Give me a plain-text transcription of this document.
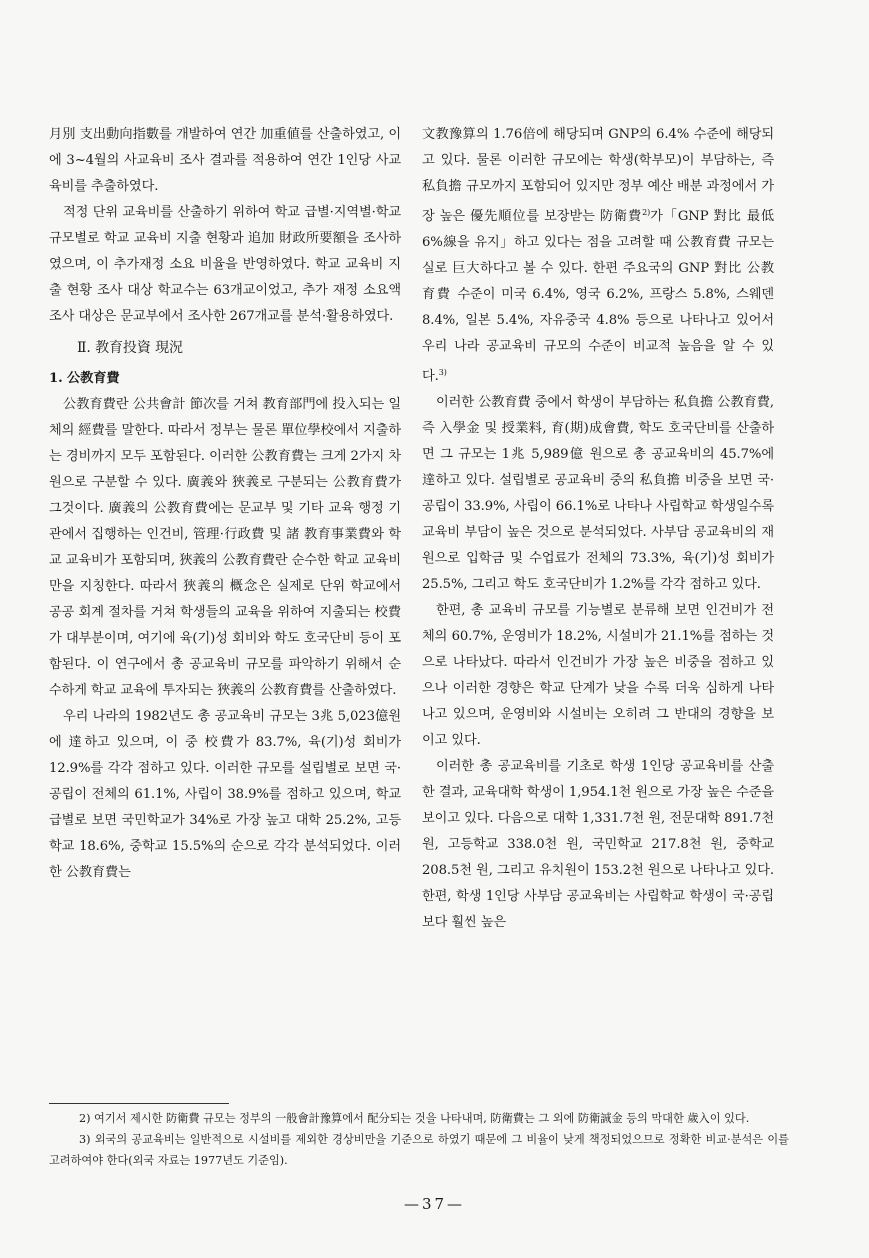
月別 支出動向指數를 개발하여 연간 加重値를 산출하였고, 이에 3~4월의 사교육비 조사 결과를 적용하여 연간 1인당 사교육비를 추출하였다.

적정 단위 교육비를 산출하기 위하여 학교 급별·지역별·학교 규모별로 학교 교육비 지출 현황과 追加 財政所要額을 조사하였으며, 이 추가재정 소요 비율을 반영하였다. 학교 교육비 지출 현황 조사 대상 학교수는 63개교이었고, 추가 재정 소요액 조사 대상은 문교부에서 조사한 267개교를 분석·활용하였다.

Ⅱ. 教育投資 現況

1. 公教育費

公教育費란 公共會計 節次를 거쳐 教育部門에 投入되는 일체의 經費를 말한다. 따라서 정부는 물론 單位學校에서 지출하는 경비까지 모두 포함된다. 이러한 公教育費는 크게 2가지 차원으로 구분할 수 있다. 廣義와 狹義로 구분되는 公教育費가 그것이다. 廣義의 公教育費에는 문교부 및 기타 교육 행정 기관에서 집행하는 인건비, 管理·行政費 및 諸 教育事業費와 학교 교육비가 포함되며, 狹義의 公教育費란 순수한 학교 교육비만을 지칭한다. 따라서 狹義의 概念은 실제로 단위 학교에서 공공 회계 절차를 거쳐 학생들의 교육을 위하여 지출되는 校費가 대부분이며, 여기에 육(기)성 회비와 학도 호국단비 등이 포함된다. 이 연구에서 총 공교육비 규모를 파악하기 위해서 순수하게 학교 교육에 투자되는 狹義의 公教育費를 산출하였다.

우리 나라의 1982년도 총 공교육비 규모는 3兆 5,023億원에 達하고 있으며, 이 중 校費가 83.7%, 육(기)성 회비가 12.9%를 각각 점하고 있다. 이러한 규모를 설립별로 보면 국·공립이 전체의 61.1%, 사립이 38.9%를 점하고 있으며, 학교 급별로 보면 국민학교가 34%로 가장 높고 대학 25.2%, 고등학교 18.6%, 중학교 15.5%의 순으로 각각 분석되었다. 이러한 公教育費는

文教豫算의 1.76倍에 해당되며 GNP의 6.4% 수준에 해당되고 있다. 물론 이러한 규모에는 학생(학부모)이 부담하는, 즉 私負擔 규모까지 포함되어 있지만 정부 예산 배분 과정에서 가장 높은 優先順位를 보장받는 防衛費$^{2)}$가「GNP 對比 最低 6%線을 유지」하고 있다는 점을 고려할 때 公教育費 규모는 실로 巨大하다고 볼 수 있다. 한편 주요국의 GNP 對比 公教育費 수준이 미국 6.4%, 영국 6.2%, 프랑스 5.8%, 스웨덴 8.4%, 일본 5.4%, 자유중국 4.8% 등으로 나타나고 있어서 우리 나라 공교육비 규모의 수준이 비교적 높음을 알 수 있다.$^{3)}$

이러한 公教育費 중에서 학생이 부담하는 私負擔 公教育費, 즉 入學金 및 授業料, 育(期)成會費, 학도 호국단비를 산출하면 그 규모는 1兆 5,989億 원으로 총 공교육비의 45.7%에 達하고 있다. 설립별로 공교육비 중의 私負擔 비중을 보면 국·공립이 33.9%, 사립이 66.1%로 나타나 사립학교 학생일수록 교육비 부담이 높은 것으로 분석되었다. 사부담 공교육비의 재원으로 입학금 및 수업료가 전체의 73.3%, 육(기)성 회비가 25.5%, 그리고 학도 호국단비가 1.2%를 각각 점하고 있다.

한편, 총 교육비 규모를 기능별로 분류해 보면 인건비가 전체의 60.7%, 운영비가 18.2%, 시설비가 21.1%를 점하는 것으로 나타났다. 따라서 인건비가 가장 높은 비중을 점하고 있으나 이러한 경향은 학교 단계가 낮을 수록 더욱 심하게 나타나고 있으며, 운영비와 시설비는 오히려 그 반대의 경향을 보이고 있다.

이러한 총 공교육비를 기초로 학생 1인당 공교육비를 산출한 결과, 교육대학 학생이 1,954.1천 원으로 가장 높은 수준을 보이고 있다. 다음으로 대학 1,331.7천 원, 전문대학 891.7천 원, 고등학교 338.0천 원, 국민학교 217.8천 원, 중학교 208.5천 원, 그리고 유치원이 153.2천 원으로 나타나고 있다. 한편, 학생 1인당 사부담 공교육비는 사립학교 학생이 국·공립보다 훨씬 높은

2) 여기서 제시한 防衛費 규모는 정부의 一般會計豫算에서 配分되는 것을 나타내며, 防衛費는 그 외에 防衛誠金 등의 막대한 歲入이 있다.

3) 외국의 공교육비는 일반적으로 시설비를 제외한 경상비만을 기준으로 하였기 때문에 그 비율이 낮게 책정되었으므로 정확한 비교·분석은 이를 고려하여야 한다(외국 자료는 1977년도 기준임).

—37—
